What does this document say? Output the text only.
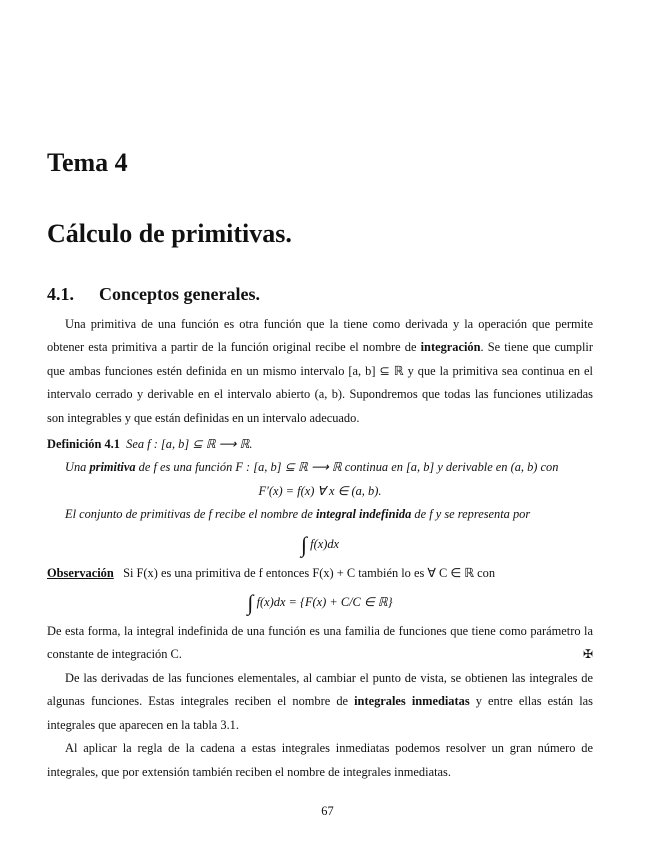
Tema 4
Cálculo de primitivas.
4.1. Conceptos generales.

Una primitiva de una función es otra función que la tiene como derivada y la operación que permite obtener esta primitiva a partir de la función original recibe el nombre de integración. Se tiene que cumplir que ambas funciones estén definida en un mismo intervalo [a, b] ⊆ ℝ y que la primitiva sea continua en el intervalo cerrado y derivable en el intervalo abierto (a, b). Supondremos que todas las funciones utilizadas son integrables y que están definidas en un intervalo adecuado.

Definición 4.1 Sea f : [a, b] ⊆ ℝ ⟶ ℝ.

Una primitiva de f es una función F : [a, b] ⊆ ℝ ⟶ ℝ continua en [a, b] y derivable en (a, b) con

F′(x) = f(x) ∀ x ∈ (a, b).

El conjunto de primitivas de f recibe el nombre de integral indefinida de f y se representa por

∫ f(x)dx

Observación Si F(x) es una primitiva de f entonces F(x) + C también lo es ∀ C ∈ ℝ con

∫ f(x)dx = {F(x) + C/C ∈ ℝ}

De esta forma, la integral indefinida de una función es una familia de funciones que tiene como parámetro la constante de integración C.	✠

De las derivadas de las funciones elementales, al cambiar el punto de vista, se obtienen las integrales de algunas funciones. Estas integrales reciben el nombre de integrales inmediatas y entre ellas están las integrales que aparecen en la tabla 3.1.

Al aplicar la regla de la cadena a estas integrales inmediatas podemos resolver un gran número de integrales, que por extensión también reciben el nombre de integrales inmediatas.

67
